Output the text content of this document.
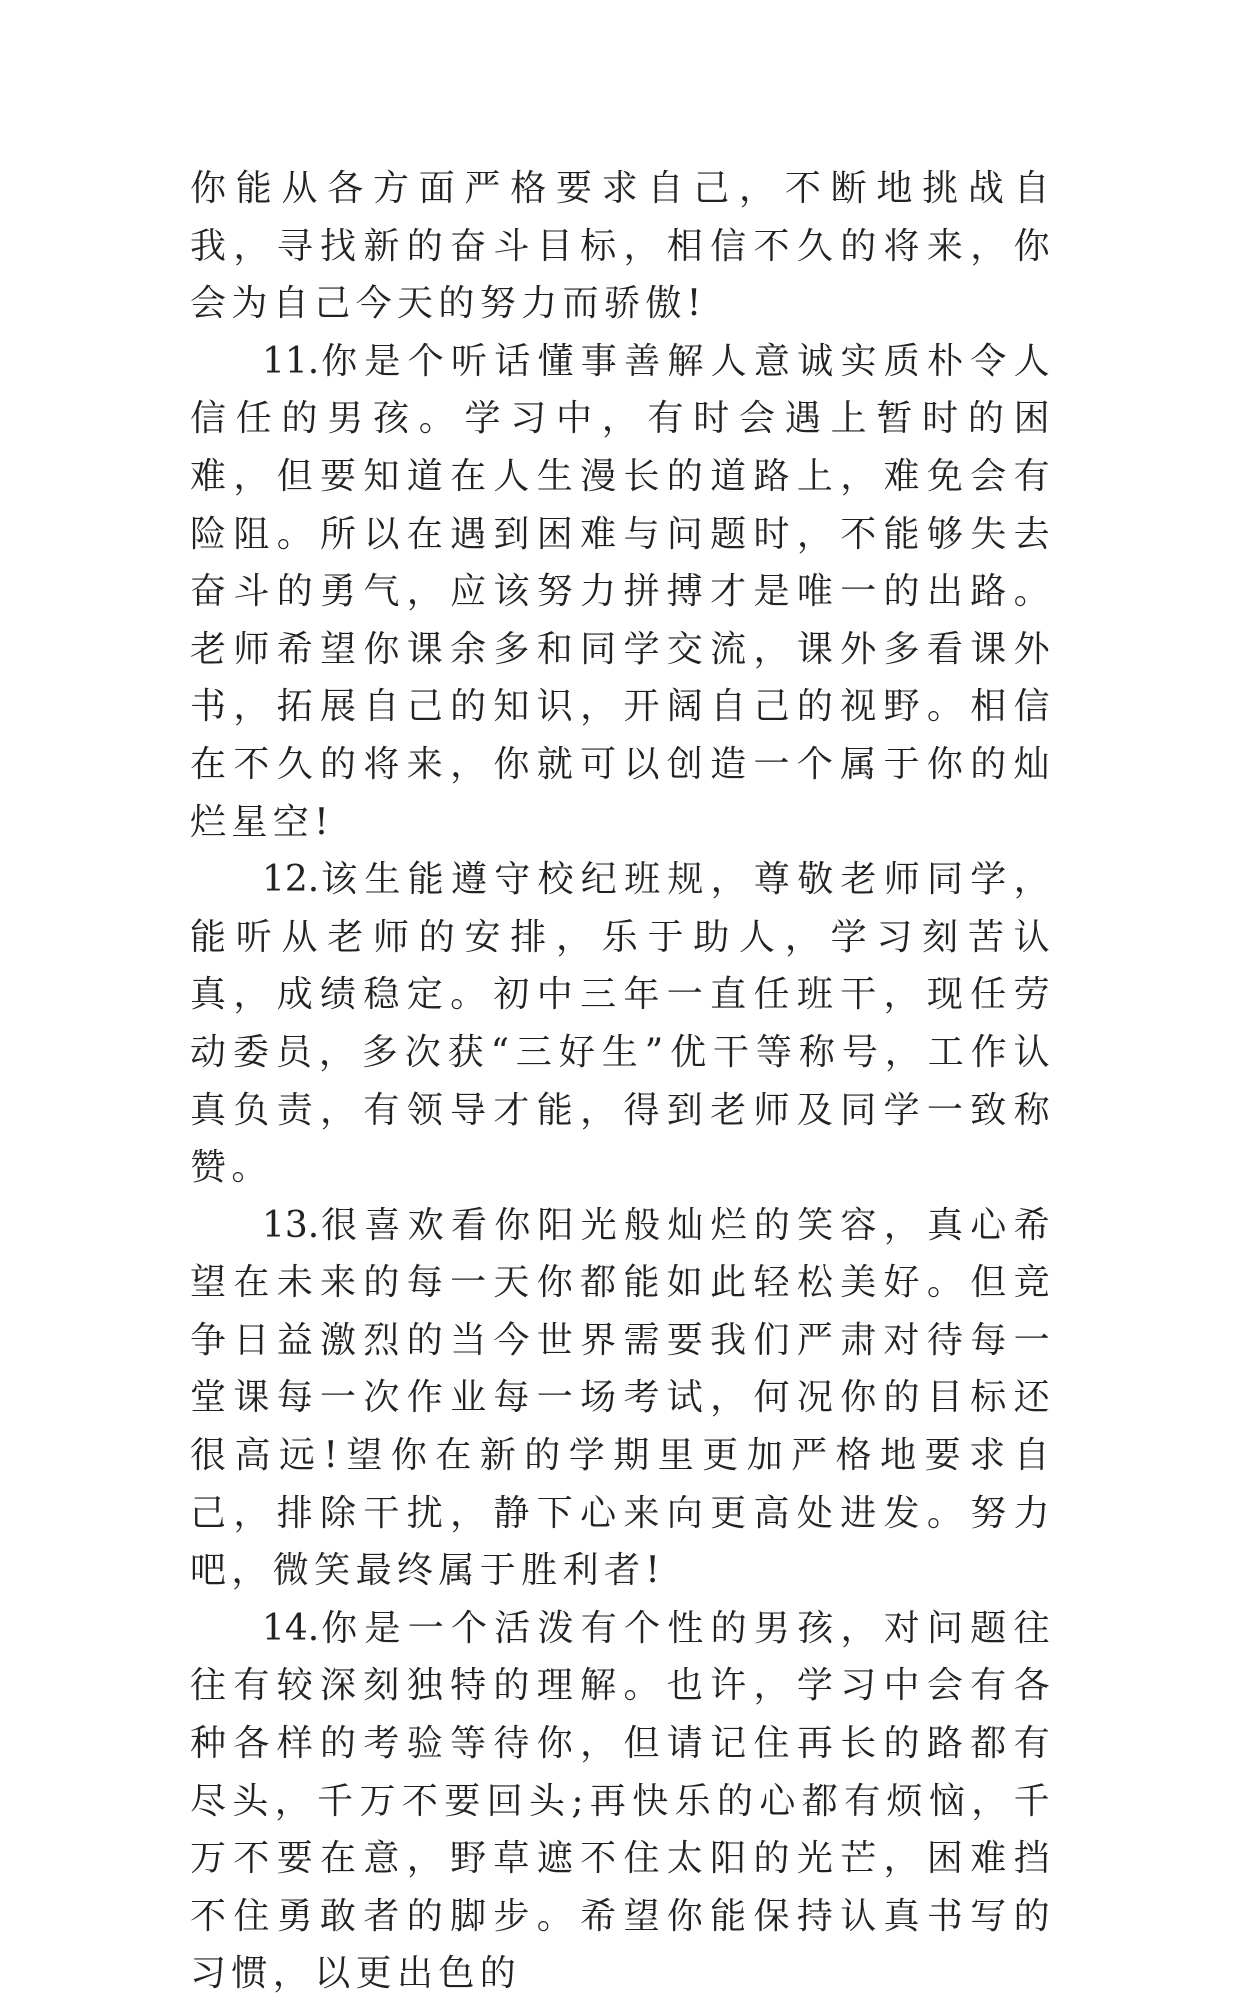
你能从各方面严格要求自己，不断地挑战自我，寻找新的奋斗目标，相信不久的将来，你会为自己今天的努力而骄傲!

11.你是个听话懂事善解人意诚实质朴令人信任的男孩。学习中，有时会遇上暂时的困难，但要知道在人生漫长的道路上，难免会有险阻。所以在遇到困难与问题时，不能够失去奋斗的勇气，应该努力拼搏才是唯一的出路。老师希望你课余多和同学交流，课外多看课外书，拓展自己的知识，开阔自己的视野。相信在不久的将来，你就可以创造一个属于你的灿烂星空!

12.该生能遵守校纪班规，尊敬老师同学，能听从老师的安排，乐于助人，学习刻苦认真，成绩稳定。初中三年一直任班干，现任劳动委员，多次获“三好生”优干等称号，工作认真负责，有领导才能，得到老师及同学一致称赞。

13.很喜欢看你阳光般灿烂的笑容，真心希望在未来的每一天你都能如此轻松美好。但竞争日益激烈的当今世界需要我们严肃对待每一堂课每一次作业每一场考试，何况你的目标还很高远!望你在新的学期里更加严格地要求自己，排除干扰，静下心来向更高处进发。努力吧，微笑最终属于胜利者!

14.你是一个活泼有个性的男孩，对问题往往有较深刻独特的理解。也许，学习中会有各种各样的考验等待你，但请记住再长的路都有尽头，千万不要回头;再快乐的心都有烦恼，千万不要在意，野草遮不住太阳的光芒，困难挡不住勇敢者的脚步。希望你能保持认真书写的习惯，以更出色的
